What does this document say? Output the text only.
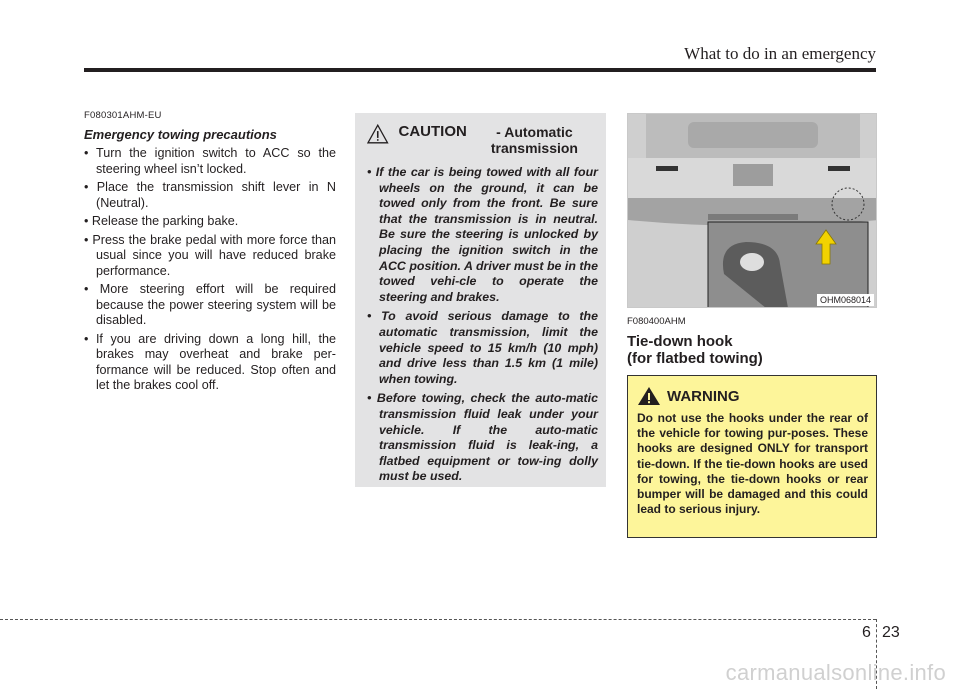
What to do in an emergency
F080301AHM-EU
Emergency towing precautions
• Turn the ignition switch to ACC so the steering wheel isn’t locked.
• Place the transmission shift lever in N (Neutral).
• Release the parking bake.
• Press the brake pedal with more force than usual since you will have reduced brake performance.
• More steering effort will be required because the power steering system will be disabled.
• If you are driving down a long hill, the brakes may overheat and brake per-formance will be reduced. Stop often and let the brakes cool off.
CAUTION	- Automatic transmission
• If the car is being towed with all four wheels on the ground, it can be towed only from the front. Be sure that the transmission is in neutral. Be sure the steering is unlocked by placing the ignition switch in the ACC position. A driver must be in the towed vehi-cle to operate the steering and brakes.
• To avoid serious damage to the automatic transmission, limit the vehicle speed to 15 km/h (10 mph) and drive less than 1.5 km (1 mile) when towing.
• Before towing, check the auto-matic transmission fluid leak under your vehicle. If the auto-matic transmission fluid is leak-ing, a flatbed equipment or tow-ing dolly must be used.
OHM068014
F080400AHM
Tie-down hook
(for flatbed towing)
WARNING
Do not use the hooks under the rear of the vehicle for towing pur-poses. These hooks are designed ONLY for transport tie-down. If the tie-down hooks are used for towing, the tie-down hooks or rear bumper will be damaged and this could lead to serious injury.
6 23
carmanualsonline.info
